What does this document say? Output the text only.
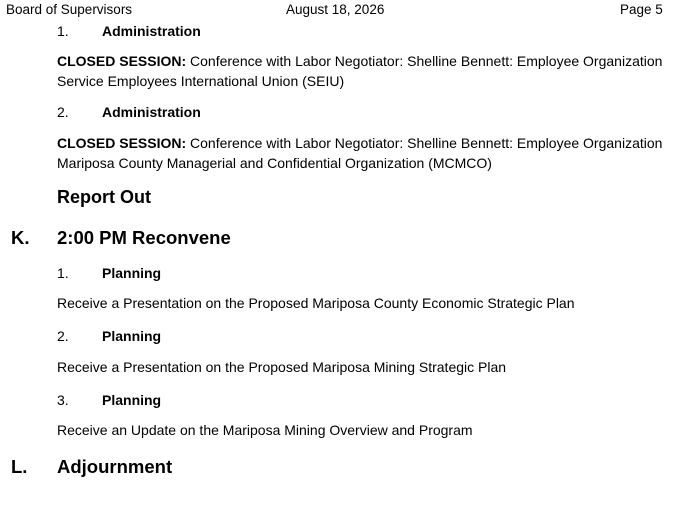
Board of Supervisors	August 18, 2026	Page 5
1. Administration
CLOSED SESSION: Conference with Labor Negotiator: Shelline Bennett: Employee Organization
Service Employees International Union (SEIU)
2. Administration
CLOSED SESSION: Conference with Labor Negotiator: Shelline Bennett: Employee Organization
Mariposa County Managerial and Confidential Organization (MCMCO)
Report Out
K. 2:00 PM Reconvene
1. Planning
Receive a Presentation on the Proposed Mariposa County Economic Strategic Plan
2. Planning
Receive a Presentation on the Proposed Mariposa Mining Strategic Plan
3. Planning
Receive an Update on the Mariposa Mining Overview and Program
L. Adjournment
